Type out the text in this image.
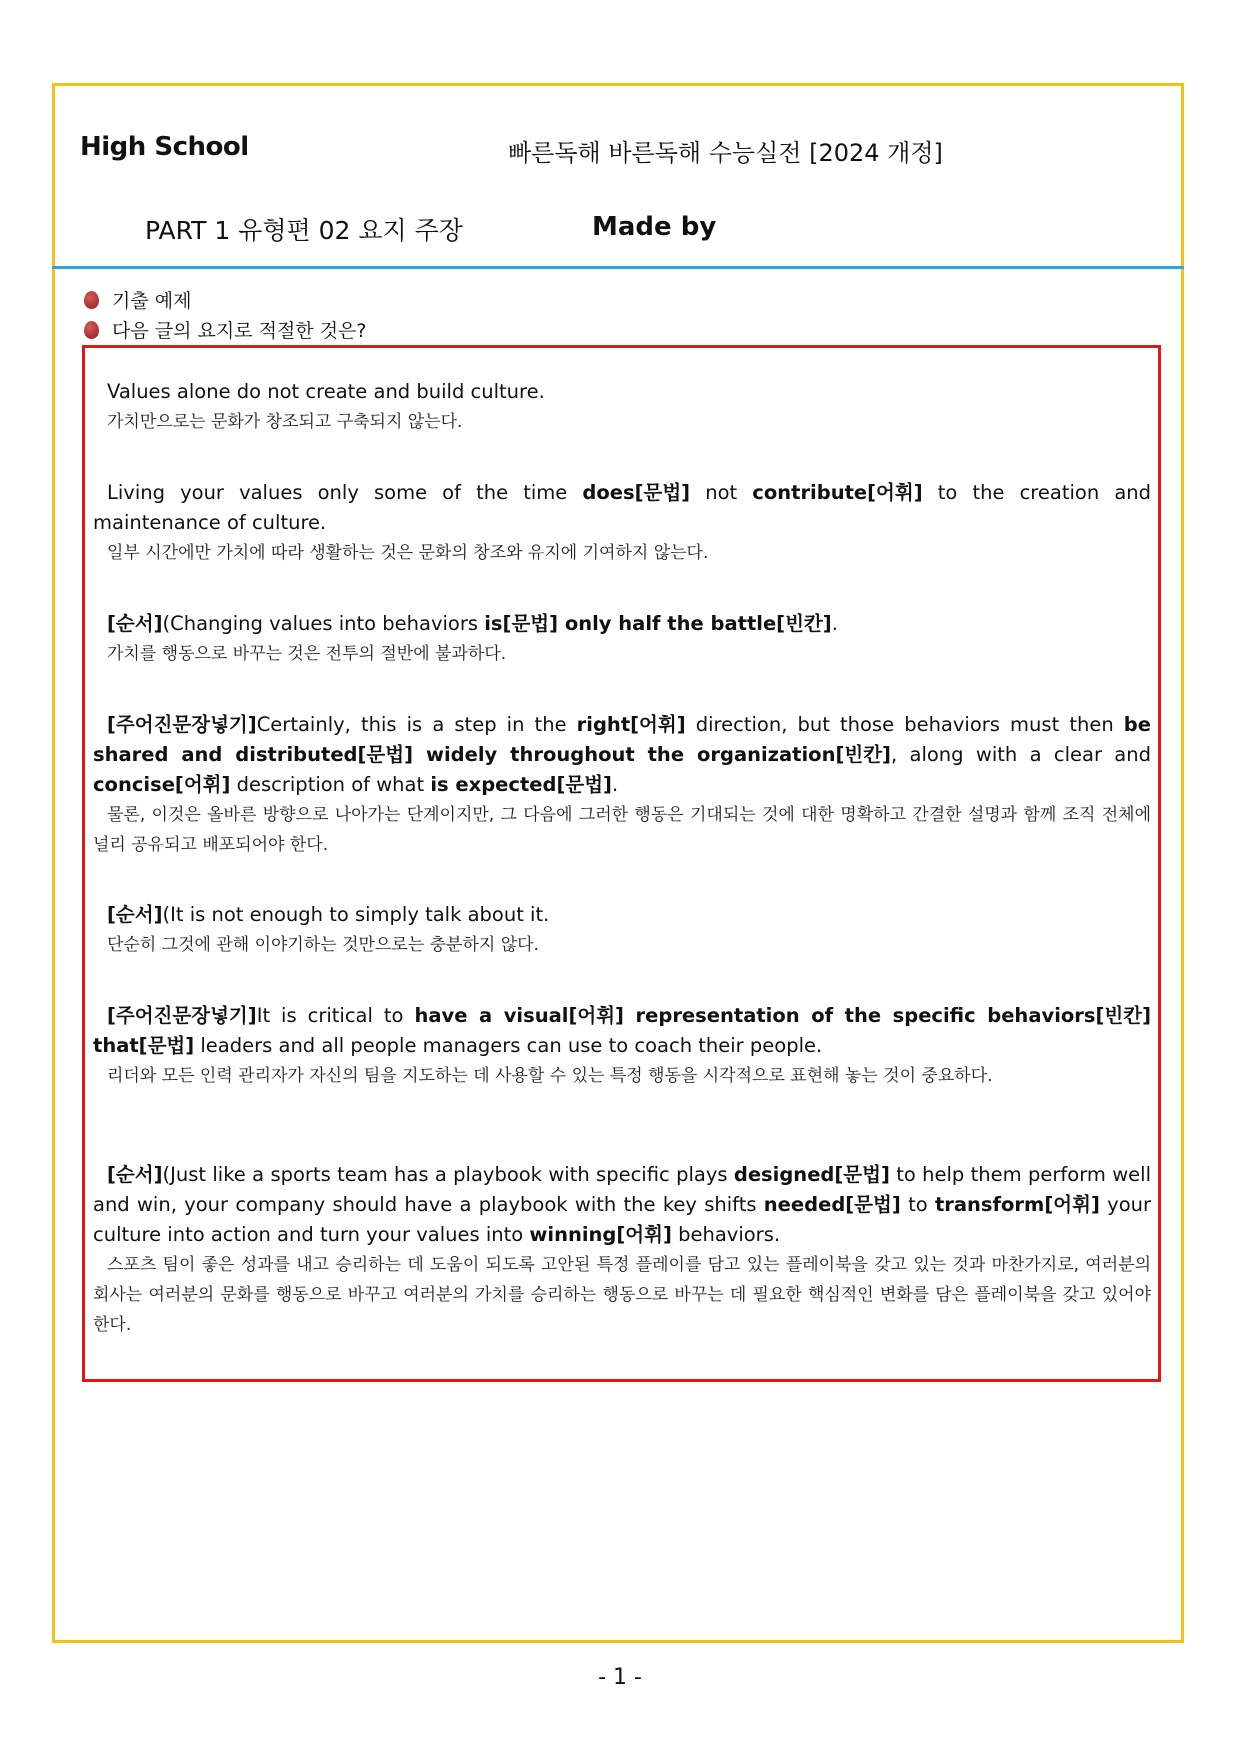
High School	빠른독해 바른독해 수능실전 [2024 개정]
PART 1 유형편 02 요지 주장	Made by
기출 예제
다음 글의 요지로 적절한 것은?

Values alone do not create and build culture.

가치만으로는 문화가 창조되고 구축되지 않는다.

Living your values only some of the time does[문법] not contribute[어휘] to the creation and maintenance of culture.

일부 시간에만 가치에 따라 생활하는 것은 문화의 창조와 유지에 기여하지 않는다.

[순서](Changing values into behaviors is[문법] only half the battle[빈칸].

가치를 행동으로 바꾸는 것은 전투의 절반에 불과하다.

[주어진문장넣기]Certainly, this is a step in the right[어휘] direction, but those behaviors must then be shared and distributed[문법] widely throughout the organization[빈칸], along with a clear and concise[어휘] description of what is expected[문법].

물론, 이것은 올바른 방향으로 나아가는 단계이지만, 그 다음에 그러한 행동은 기대되는 것에 대한 명확하고 간결한 설명과 함께 조직 전체에 널리 공유되고 배포되어야 한다.

[순서](It is not enough to simply talk about it.

단순히 그것에 관해 이야기하는 것만으로는 충분하지 않다.

[주어진문장넣기]It is critical to have a visual[어휘] representation of the specific behaviors[빈칸] that[문법] leaders and all people managers can use to coach their people.

리더와 모든 인력 관리자가 자신의 팀을 지도하는 데 사용할 수 있는 특정 행동을 시각적으로 표현해 놓는 것이 중요하다.

[순서](Just like a sports team has a playbook with specific plays designed[문법] to help them perform well and win, your company should have a playbook with the key shifts needed[문법] to transform[어휘] your culture into action and turn your values into winning[어휘] behaviors.

스포츠 팀이 좋은 성과를 내고 승리하는 데 도움이 되도록 고안된 특정 플레이를 담고 있는 플레이북을 갖고 있는 것과 마찬가지로, 여러분의 회사는 여러분의 문화를 행동으로 바꾸고 여러분의 가치를 승리하는 행동으로 바꾸는 데 필요한 핵심적인 변화를 담은 플레이북을 갖고 있어야 한다.

- 1 -
